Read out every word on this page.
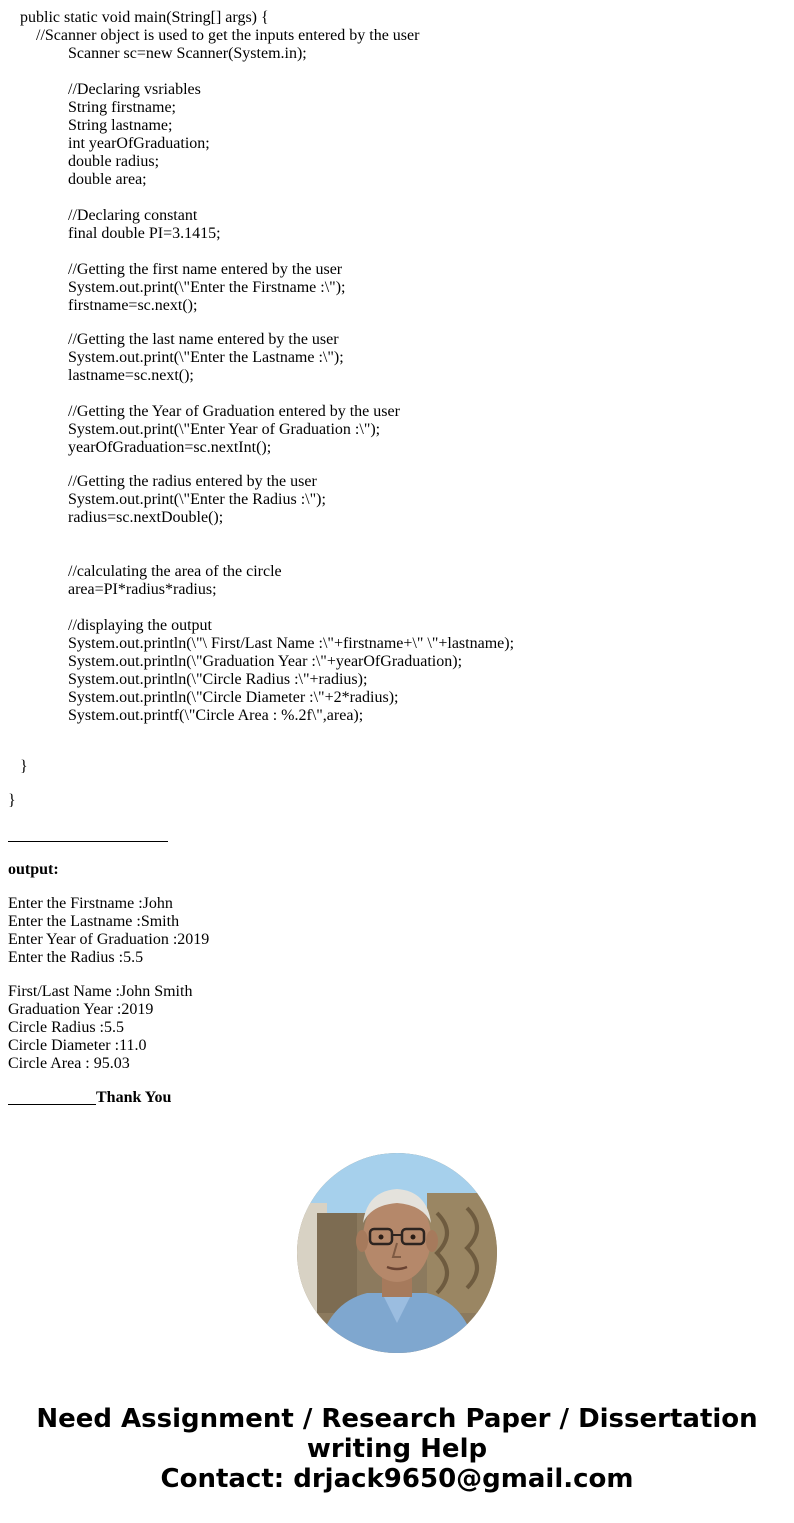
public static void main(String[] args) {
//Scanner object is used to get the inputs entered by the user
Scanner sc=new Scanner(System.in);
//Declaring vsriables
String firstname;
String lastname;
int yearOfGraduation;
double radius;
double area;
//Declaring constant
final double PI=3.1415;
//Getting the first name entered by the user
System.out.print(\"Enter the Firstname :\");
firstname=sc.next();
//Getting the last name entered by the user
System.out.print(\"Enter the Lastname :\");
lastname=sc.next();
//Getting the Year of Graduation entered by the user
System.out.print(\"Enter Year of Graduation :\");
yearOfGraduation=sc.nextInt();
//Getting the radius entered by the user
System.out.print(\"Enter the Radius :\");
radius=sc.nextDouble();
//calculating the area of the circle
area=PI*radius*radius;
//displaying the output
System.out.println(\"\ First/Last Name :\"+firstname+\" \"+lastname);
System.out.println(\"Graduation Year :\"+yearOfGraduation);
System.out.println(\"Circle Radius :\"+radius);
System.out.println(\"Circle Diameter :\"+2*radius);
System.out.printf(\"Circle Area : %.2f\",area);
}
}
output:
Enter the Firstname :John
Enter the Lastname :Smith
Enter Year of Graduation :2019
Enter the Radius :5.5
First/Last Name :John Smith
Graduation Year :2019
Circle Radius :5.5
Circle Diameter :11.0
Circle Area : 95.03
Thank You
Need Assignment / Research Paper / Dissertation
writing Help
Contact: drjack9650@gmail.com
